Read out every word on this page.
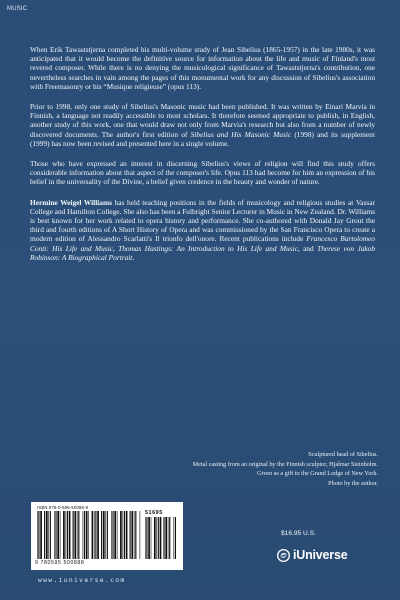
MUSIC

When Erik Tawaststjerna completed his multi-volume study of Jean Sibelius (1865-1957) in the late 1980s, it was anticipated that it would become the definitive source for information about the life and music of Finland's most revered composer. While there is no denying the musicological significance of Tawaststjerna's contribution, one nevertheless searches in vain among the pages of this monumental work for any discussion of Sibelius's association with Freemasonry or his “Musique religieuse” (opus 113).

Prior to 1998, only one study of Sibelius's Masonic music had been published. It was written by Einari Marvia in Finnish, a language not readily accessible to most scholars. It therefore seemed appropriate to publish, in English, another study of this work, one that would draw not only from Marvia's research but also from a number of newly discovered documents. The author's first edition of Sibelius and His Masonic Music (1998) and its supplement (1999) has now been revised and presented here in a single volume.

Those who have expressed an interest in discerning Sibelius's views of religion will find this study offers considerable information about that aspect of the composer's life. Opus 113 had become for him an expression of his belief in the universality of the Divine, a belief given credence in the beauty and wonder of nature.

Hermine Weigel Williams has held teaching positions in the fields of musicology and religious studies at Vassar College and Hamilton College. She also has been a Fulbright Senior Lecturer in Music in New Zealand. Dr. Williams is best known for her work related to opera history and performance. She co-authored with Donald Jay Grout the third and fourth editions of A Short History of Opera and was commissioned by the San Francisco Opera to create a modern edition of Alessandro Scarlatti's Il trionfo dell'onore. Recent publications include Francesco Bartolomeo Conti: His Life and Music, Thomas Hastings: An Introduction to His Life and Music, and Therese von Jakob Robinson: A Biographical Portrait.

Sculptured head of Sibelius.
Metal casting from an original by the Finnish sculptor, Hjalmar Steinholm.
Given as a gift to the Grand Lodge of New York.
Photo by the author.
ISBN 978-0-595-50088-8
51695
9 780595 500888
www.iuniverse.com
$16.95 U.S.
iUniverse
